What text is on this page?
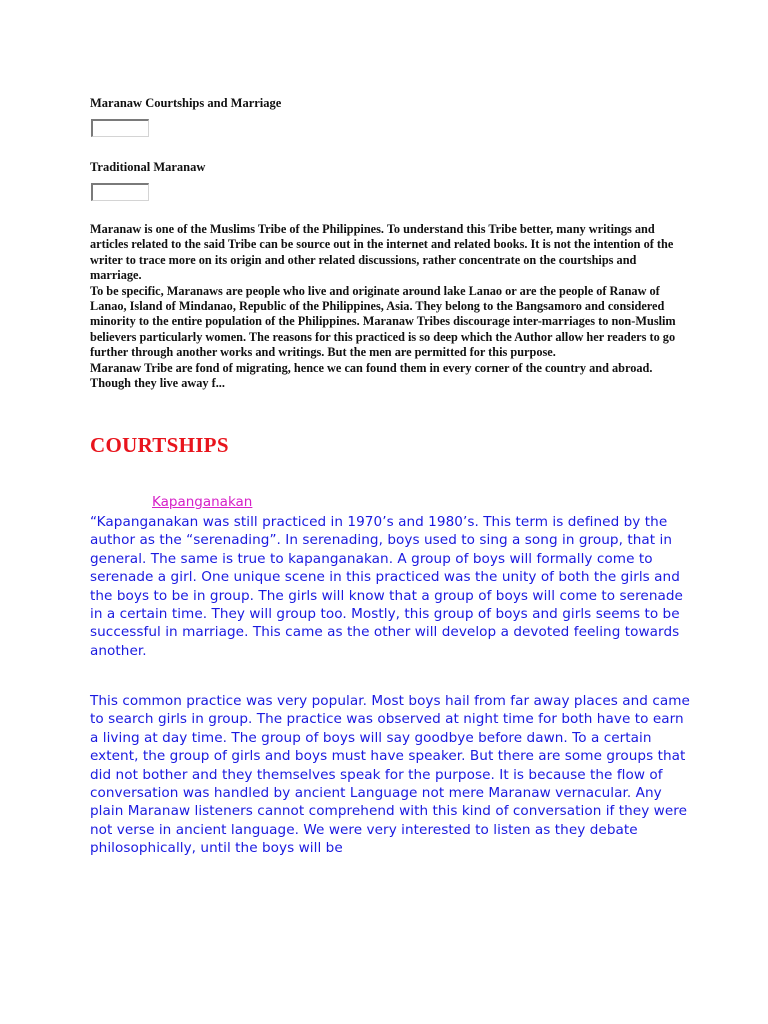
Maranaw Courtships and Marriage
Traditional Maranaw

Maranaw is one of the Muslims Tribe of the Philippines. To understand this Tribe better, many writings and articles related to the said Tribe can be source out in the internet and related books. It is not the intention of the writer to trace more on its origin and other related discussions, rather concentrate on the courtships and marriage.

To be specific, Maranaws are people who live and originate around lake Lanao or are the people of Ranaw of Lanao, Island of Mindanao, Republic of the Philippines, Asia. They belong to the Bangsamoro and considered minority to the entire population of the Philippines. Maranaw Tribes discourage inter-marriages to non-Muslim believers particularly women. The reasons for this practiced is so deep which the Author allow her readers to go further through another works and writings. But the men are permitted for this purpose.

Maranaw Tribe are fond of migrating, hence we can found them in every corner of the country and abroad. Though they live away f...

COURTSHIPS
Kapanganakan

“Kapanganakan was still practiced in 1970’s and 1980’s. This term is defined by the author as the “serenading”. In serenading, boys used to sing a song in group, that in general. The same is true to kapanganakan. A group of boys will formally come to serenade a girl. One unique scene in this practiced was the unity of both the girls and the boys to be in group. The girls will know that a group of boys will come to serenade in a certain time. They will group too. Mostly, this group of boys and girls seems to be successful in marriage. This came as the other will develop a devoted feeling towards another.

This common practice was very popular. Most boys hail from far away places and came to search girls in group. The practice was observed at night time for both have to earn a living at day time. The group of boys will say goodbye before dawn. To a certain extent, the group of girls and boys must have speaker. But there are some groups that did not bother and they themselves speak for the purpose. It is because the flow of conversation was handled by ancient Language not mere Maranaw vernacular. Any plain Maranaw listeners cannot comprehend with this kind of conversation if they were not verse in ancient language. We were very interested to listen as they debate philosophically, until the boys will be
